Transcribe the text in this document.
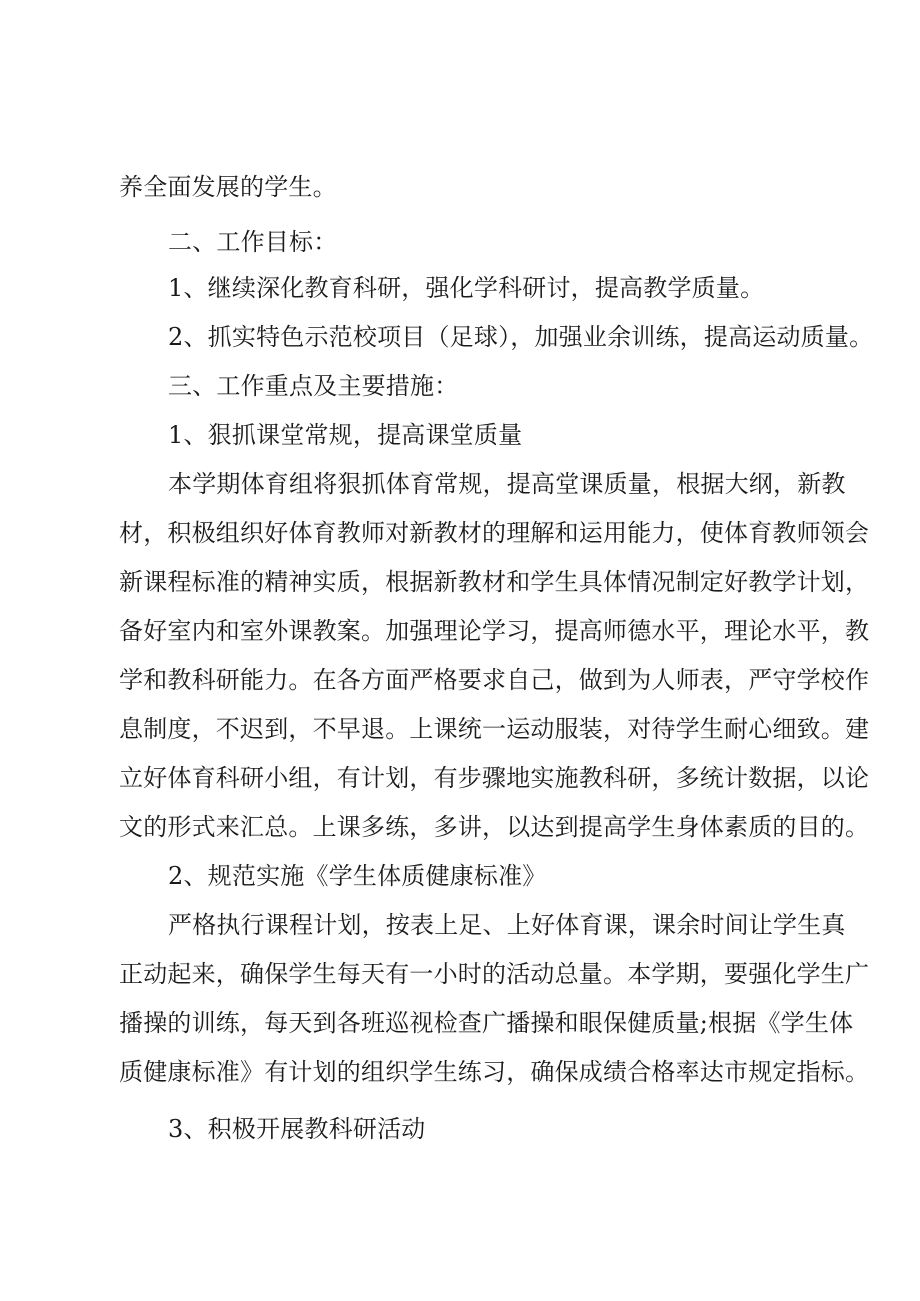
养全面发展的学生。
二、工作目标：
1、继续深化教育科研，强化学科研讨，提高教学质量。
2、抓实特色示范校项目（足球），加强业余训练，提高运动质量。
三、工作重点及主要措施：
1、狠抓课堂常规，提高课堂质量
本学期体育组将狠抓体育常规，提高堂课质量，根据大纲，新教
材，积极组织好体育教师对新教材的理解和运用能力，使体育教师领会
新课程标准的精神实质，根据新教材和学生具体情况制定好教学计划，
备好室内和室外课教案。加强理论学习，提高师德水平，理论水平，教
学和教科研能力。在各方面严格要求自己，做到为人师表，严守学校作
息制度，不迟到，不早退。上课统一运动服装，对待学生耐心细致。建
立好体育科研小组，有计划，有步骤地实施教科研，多统计数据，以论
文的形式来汇总。上课多练，多讲，以达到提高学生身体素质的目的。
2、规范实施《学生体质健康标准》
严格执行课程计划，按表上足、上好体育课，课余时间让学生真
正动起来，确保学生每天有一小时的活动总量。本学期，要强化学生广
播操的训练，每天到各班巡视检查广播操和眼保健质量;根据《学生体
质健康标准》有计划的组织学生练习，确保成绩合格率达市规定指标。
3、积极开展教科研活动
